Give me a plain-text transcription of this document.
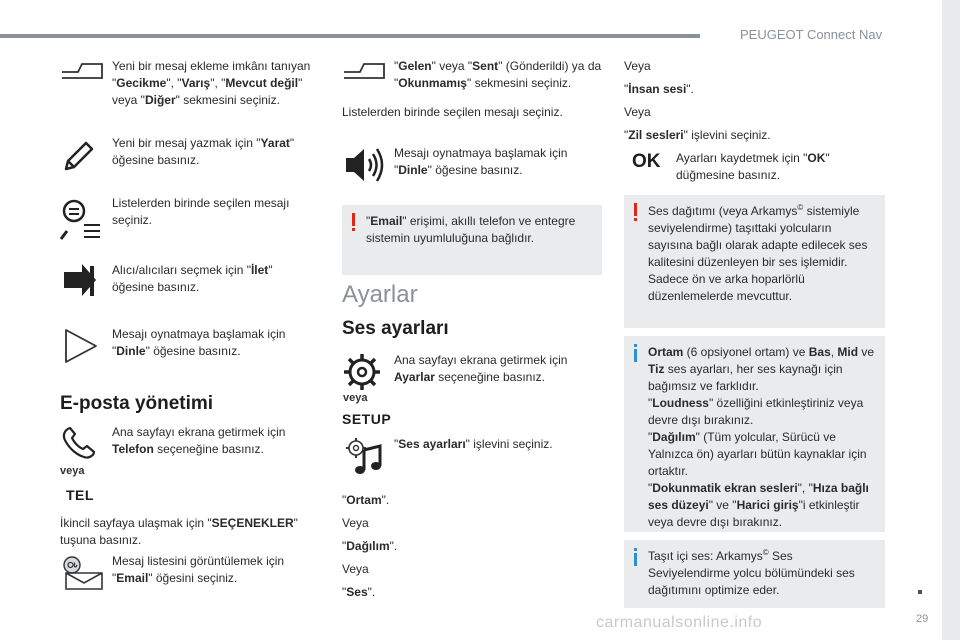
PEUGEOT Connect Nav
29
carmanualsonline.info
Yeni bir mesaj ekleme imkânı tanıyan "Gecikme", "Varış", "Mevcut değil" veya "Diğer" sekmesini seçiniz.
Yeni bir mesaj yazmak için "Yarat" öğesine basınız.
Listelerden birinde seçilen mesajı seçiniz.
Alıcı/alıcıları seçmek için "İlet" öğesine basınız.
Mesajı oynatmaya başlamak için "Dinle" öğesine basınız.
E-posta yönetimi
Ana sayfayı ekrana getirmek için Telefon seçeneğine basınız.
veya
TEL
İkincil sayfaya ulaşmak için "SEÇENEKLER" tuşuna basınız.
Mesaj listesini görüntülemek için "Email" öğesini seçiniz.
"Gelen" veya "Sent" (Gönderildi) ya da "Okunmamış" sekmesini seçiniz.
Listelerden birinde seçilen mesajı seçiniz.
Mesajı oynatmaya başlamak için "Dinle" öğesine basınız.
"Email" erişimi, akıllı telefon ve entegre sistemin uyumluluğuna bağlıdır.
Ayarlar
Ses ayarları
Ana sayfayı ekrana getirmek için Ayarlar seçeneğine basınız.
veya
SETUP
"Ses ayarları" işlevini seçiniz.
"Ortam".
Veya
"Dağılım".
Veya
"Ses".
Veya
"İnsan sesi".
Veya
"Zil sesleri" işlevini seçiniz.
OK	Ayarları kaydetmek için "OK" düğmesine basınız.
Ses dağıtımı (veya Arkamys© sistemiyle seviyelendirme) taşıttaki yolcuların sayısına bağlı olarak adapte edilecek ses kalitesini düzenleyen bir ses işlemidir. Sadece ön ve arka hoparlörlü düzenlemelerde mevcuttur.
Ortam (6 opsiyonel ortam) ve Bas, Mid ve Tiz ses ayarları, her ses kaynağı için bağımsız ve farklıdır.
"Loudness" özelliğini etkinleştiriniz veya devre dışı bırakınız.
"Dağılım" (Tüm yolcular, Sürücü ve Yalnızca ön) ayarları bütün kaynaklar için ortaktır.
"Dokunmatik ekran sesleri", "Hıza bağlı ses düzeyi" ve "Harici giriş"i etkinleştir veya devre dışı bırakınız.
Taşıt içi ses: Arkamys© Ses Seviyelendirme yolcu bölümündeki ses dağıtımını optimize eder.
